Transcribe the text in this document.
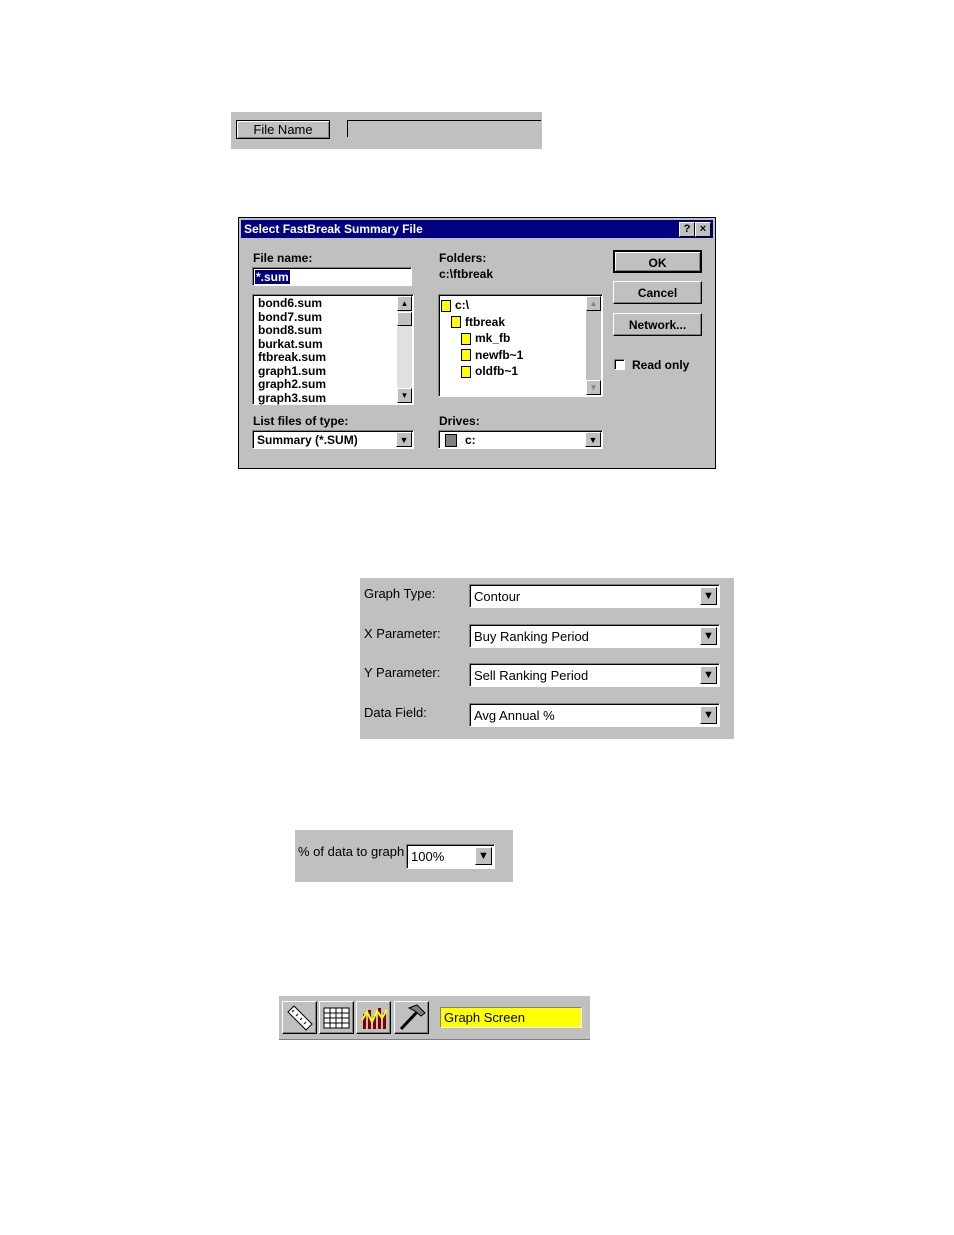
File Name
Select FastBreak Summary File	? ×
File name:
*.sum
bond6.sum
bond7.sum
bond8.sum
burkat.sum
ftbreak.sum
graph1.sum
graph2.sum
graph3.sum
▲
▼
Folders:
c:\ftbreak
c:\
ftbreak
mk_fb
newfb~1
oldfb~1
▲
▼
List files of type:
Summary (*.SUM)	▼
Drives:
c:	▼
OK
Cancel
Network...
Read only
Graph Type:	Contour	▼
X Parameter:	Buy Ranking Period	▼
Y Parameter:	Sell Ranking Period	▼
Data Field:	Avg Annual %	▼
% of data to graph 100%	▼
Graph Screen
